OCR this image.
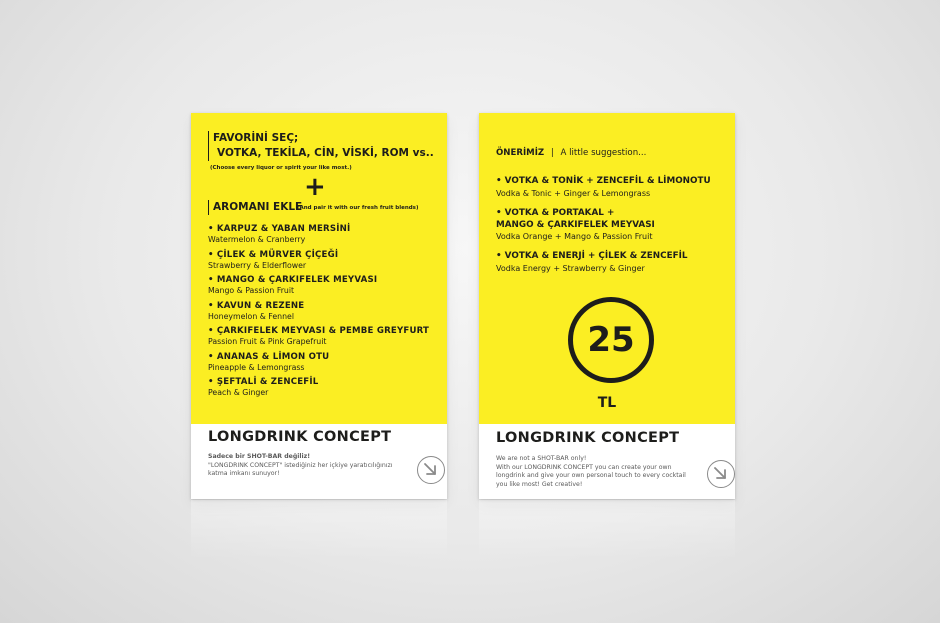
FAVORİNİ SEÇ;
VOTKA, TEKİLA, CİN, VİSKİ, ROM vs..
(Choose every liquor or spirit your like most.)
+
AROMANI EKLE
(And pair it with our fresh fruit blends)
• KARPUZ & YABAN MERSİNİ
Watermelon & Cranberry
• ÇİLEK & MÜRVER ÇİÇEĞİ
Strawberry & Elderflower
• MANGO & ÇARKIFELEK MEYVASI
Mango & Passion Fruit
• KAVUN & REZENE
Honeymelon & Fennel
• ÇARKIFELEK MEYVASI & PEMBE GREYFURT
Passion Fruit & Pink Grapefruit
• ANANAS & LİMON OTU
Pineapple & Lemongrass
• ŞEFTALİ & ZENCEFİL
Peach & Ginger
LONGDRINK CONCEPT
Sadece bir SHOT-BAR değiliz!
"LONGDRINK CONCEPT" istediğiniz her içkiye yaratıcılığınızı
katma imkanı sunuyor!
ÖNERİMİZ | A little suggestion...
• VOTKA & TONİK + ZENCEFİL & LİMONOTU
Vodka & Tonic + Ginger & Lemongrass
• VOTKA & PORTAKAL +
MANGO & ÇARKIFELEK MEYVASI
Vodka Orange + Mango & Passion Fruit
• VOTKA & ENERJİ + ÇİLEK & ZENCEFİL
Vodka Energy + Strawberry & Ginger
25
TL
LONGDRINK CONCEPT
We are not a SHOT-BAR only!
With our LONGDRINK CONCEPT you can create your own
longdrink and give your own personal touch to every cocktail
you like most! Get creative!
